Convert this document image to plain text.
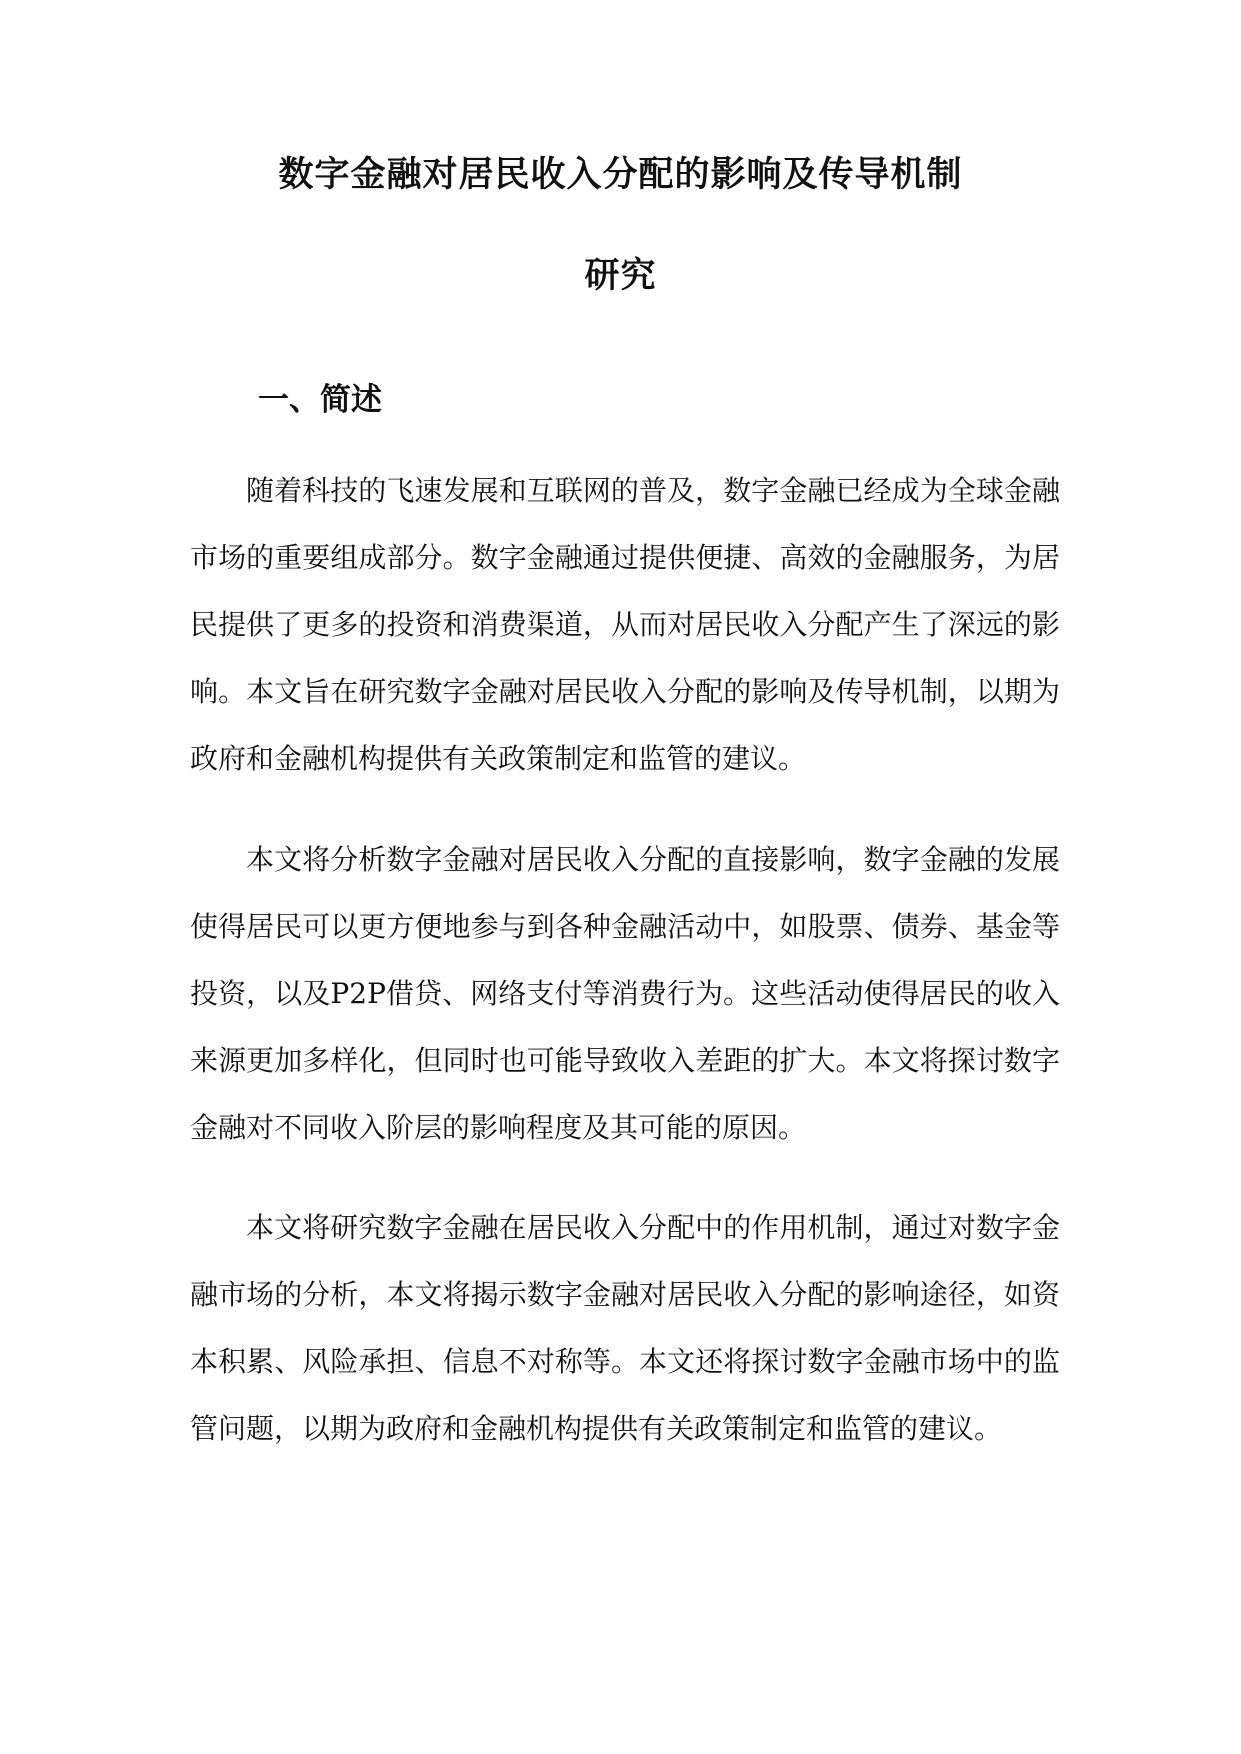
数字金融对居民收入分配的影响及传导机制
研究
一、简述

随着科技的飞速发展和互联网的普及，数字金融已经成为全球金融市场的重要组成部分。数字金融通过提供便捷、高效的金融服务，为居民提供了更多的投资和消费渠道，从而对居民收入分配产生了深远的影响。本文旨在研究数字金融对居民收入分配的影响及传导机制，以期为政府和金融机构提供有关政策制定和监管的建议。

本文将分析数字金融对居民收入分配的直接影响，数字金融的发展使得居民可以更方便地参与到各种金融活动中，如股票、债券、基金等投资，以及P2P借贷、网络支付等消费行为。这些活动使得居民的收入来源更加多样化，但同时也可能导致收入差距的扩大。本文将探讨数字金融对不同收入阶层的影响程度及其可能的原因。

本文将研究数字金融在居民收入分配中的作用机制，通过对数字金融市场的分析，本文将揭示数字金融对居民收入分配的影响途径，如资本积累、风险承担、信息不对称等。本文还将探讨数字金融市场中的监管问题，以期为政府和金融机构提供有关政策制定和监管的建议。
